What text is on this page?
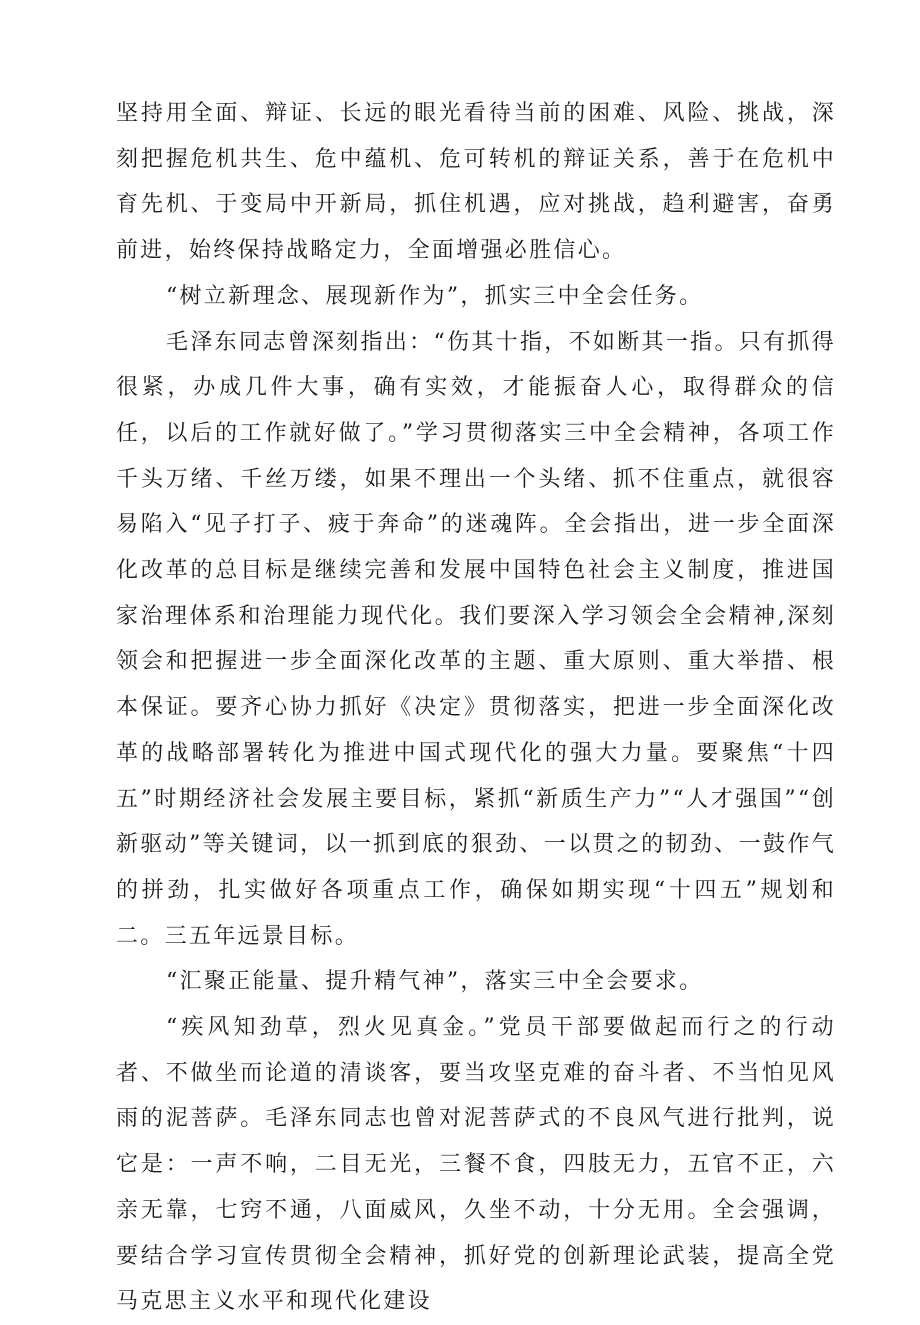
坚持用全面、辩证、长远的眼光看待当前的困难、风险、挑战，深刻把握危机共生、危中蕴机、危可转机的辩证关系，善于在危机中育先机、于变局中开新局，抓住机遇，应对挑战，趋利避害，奋勇前进，始终保持战略定力，全面增强必胜信心。

“树立新理念、展现新作为”，抓实三中全会任务。

毛泽东同志曾深刻指出：“伤其十指，不如断其一指。只有抓得很紧，办成几件大事，确有实效，才能振奋人心，取得群众的信任，以后的工作就好做了。”学习贯彻落实三中全会精神，各项工作千头万绪、千丝万缕，如果不理出一个头绪、抓不住重点，就很容易陷入“见子打子、疲于奔命”的迷魂阵。全会指出，进一步全面深化改革的总目标是继续完善和发展中国特色社会主义制度，推进国家治理体系和治理能力现代化。我们要深入学习领会全会精神,深刻领会和把握进一步全面深化改革的主题、重大原则、重大举措、根本保证。要齐心协力抓好《决定》贯彻落实，把进一步全面深化改革的战略部署转化为推进中国式现代化的强大力量。要聚焦“十四五”时期经济社会发展主要目标，紧抓“新质生产力”“人才强国”“创新驱动”等关键词，以一抓到底的狠劲、一以贯之的韧劲、一鼓作气的拼劲，扎实做好各项重点工作，确保如期实现“十四五”规划和二。三五年远景目标。

“汇聚正能量、提升精气神”，落实三中全会要求。

“疾风知劲草，烈火见真金。”党员干部要做起而行之的行动者、不做坐而论道的清谈客，要当攻坚克难的奋斗者、不当怕见风雨的泥菩萨。毛泽东同志也曾对泥菩萨式的不良风气进行批判，说它是：一声不响，二目无光，三餐不食，四肢无力，五官不正，六亲无靠，七窍不通，八面威风，久坐不动，十分无用。全会强调，要结合学习宣传贯彻全会精神，抓好党的创新理论武装，提高全党马克思主义水平和现代化建设
